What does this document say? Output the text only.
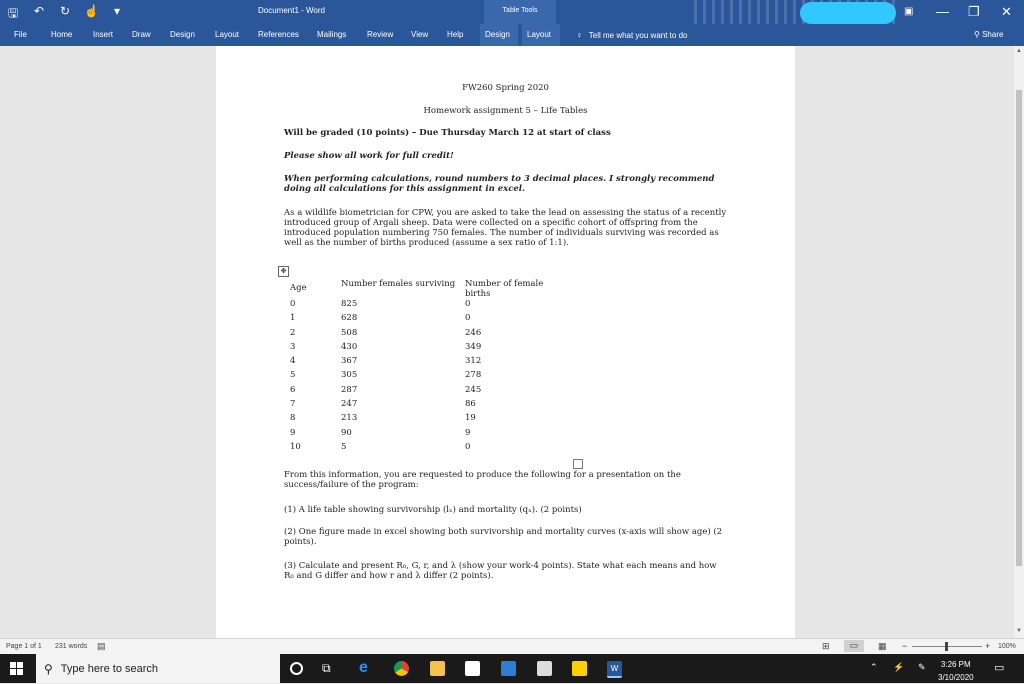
🖫 ↶ ↻ ☝	▾	Document1 - Word	Table Tools	▣ — ❐ ✕
File	Home	Insert Draw Design	Layout References Mailings	Review View Help	Design	Layout	♀ Tell me what you want to do	⚲ Share
FW260 Spring 2020
Homework assignment 5 – Life Tables
Will be graded (10 points) – Due Thursday March 12 at start of class
Please show all work for full credit!
When performing calculations, round numbers to 3 decimal places. I strongly recommend doing all calculations for this assignment in excel.
As a wildlife biometrician for CPW, you are asked to take the lead on assessing the status of a recently introduced group of Argali sheep. Data were collected on a specific cohort of offspring from the introduced population numbering 750 females. The number of individuals surviving was recorded as well as the number of births produced (assume a sex ratio of 1:1).
✥
Age	Number females surviving	Number of female births
0	825	0
1	628	0
2	508	246
3	430	349
4	367	312
5	305	278
6	287	245
7	247	86
8	213	19
9	90	9
10	5	0
From this information, you are requested to produce the following for a presentation on the success/failure of the program:
(1) A life table showing survivorship (lₓ) and mortality (qₓ). (2 points)
(2) One figure made in excel showing both survivorship and mortality curves (x-axis will show age) (2 points).
(3) Calculate and present R₀, G, r, and λ (show your work-4 points). State what each means and how R₀ and G differ and how r and λ differ (2 points).
▲
▼
Page 1 of 1 231 words ▤	⊞	▭	▦ −	+ 100%
⚲ Type here to search	⧉ e	W	⌃ ⚡ ✎	3:26 PM
3/10/2020
▭
